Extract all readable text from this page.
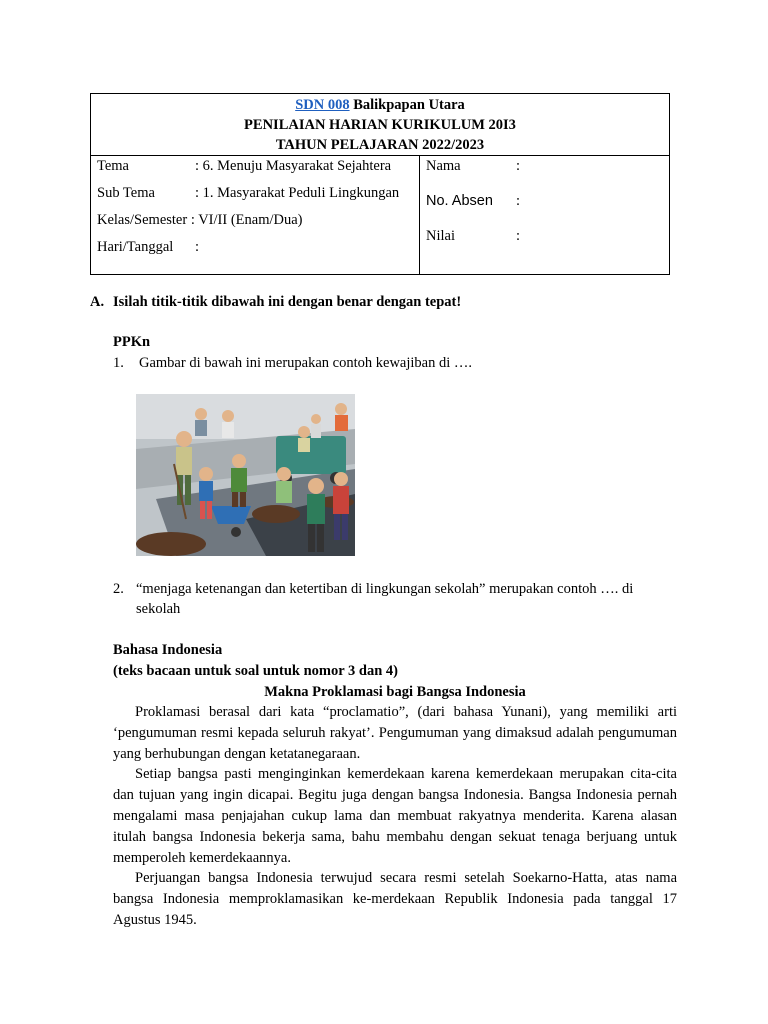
SDN 008 Balikpapan Utara
PENILAIAN HARIAN KURIKULUM 20I3
TAHUN PELAJARAN 2022/2023
Tema	: 6. Menuju Masyarakat Sejahtera
Sub Tema	: 1. Masyarakat Peduli Lingkungan
Kelas/Semester : VI/II (Enam/Dua)
Hari/Tanggal	:
Nama	:
No. Absen	:
Nilai	:
A. Isilah titik-titik dibawah ini dengan benar dengan tepat!
PPKn
1.	Gambar di bawah ini merupakan contoh kewajiban di ….
2. “menjaga ketenangan dan ketertiban di lingkungan sekolah” merupakan contoh …. di sekolah
Bahasa Indonesia
(teks bacaan untuk soal untuk nomor 3 dan 4)
Makna Proklamasi bagi Bangsa Indonesia

Proklamasi berasal dari kata “proclamatio”, (dari bahasa Yunani), yang memiliki arti ‘pengumuman resmi kepada seluruh rakyat’. Pengumuman yang dimaksud adalah pengumuman yang berhubungan dengan ketatanegaraan.

Setiap bangsa pasti menginginkan kemerdekaan karena kemerdekaan merupakan cita-cita dan tujuan yang ingin dicapai. Begitu juga dengan bangsa Indonesia. Bangsa Indonesia pernah mengalami masa penjajahan cukup lama dan membuat rakyatnya menderita. Karena alasan itulah bangsa Indonesia bekerja sama, bahu membahu dengan sekuat tenaga berjuang untuk memperoleh kemerdekaannya.

Perjuangan bangsa Indonesia terwujud secara resmi setelah Soekarno-Hatta, atas nama bangsa Indonesia memproklamasikan ke-merdekaan Republik Indonesia pada tanggal 17 Agustus 1945.
